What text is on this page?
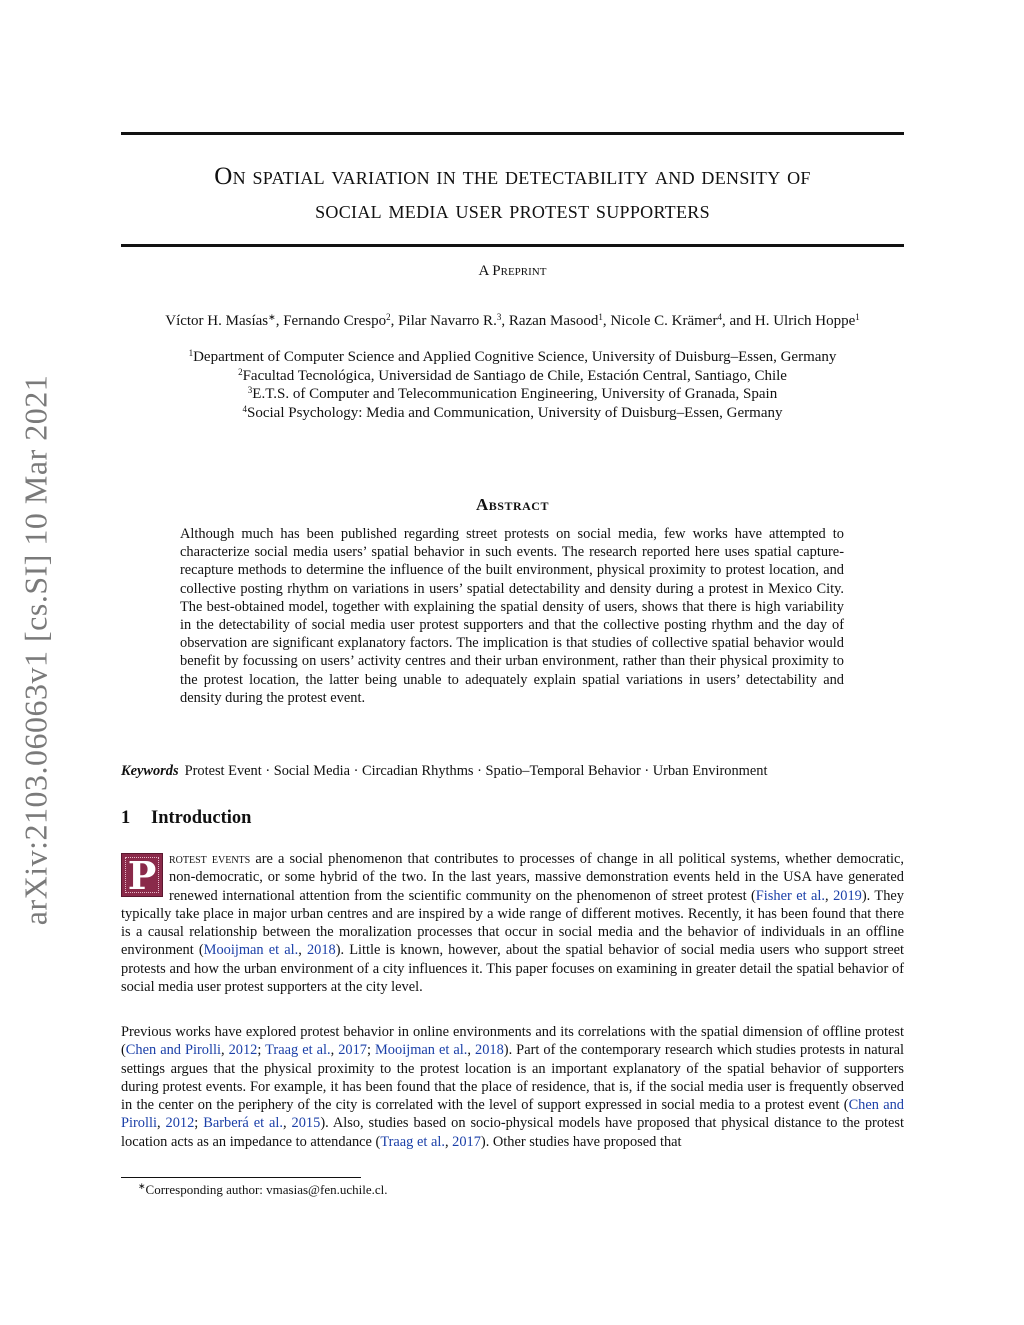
arXiv:2103.06063v1 [cs.SI] 10 Mar 2021
On spatial variation in the detectability and density of
social media user protest supporters
A Preprint
Víctor H. Masías∗, Fernando Crespo$^2$, Pilar Navarro R.$^3$, Razan Masood$^1$, Nicole C. Krämer$^4$, and H. Ulrich Hoppe$^1$
$^1$Department of Computer Science and Applied Cognitive Science, University of Duisburg–Essen, Germany
$^2$Facultad Tecnológica, Universidad de Santiago de Chile, Estación Central, Santiago, Chile
$^3$E.T.S. of Computer and Telecommunication Engineering, University of Granada, Spain
$^4$Social Psychology: Media and Communication, University of Duisburg–Essen, Germany
Abstract
Although much has been published regarding street protests on social media, few works have attempted to characterize social media users’ spatial behavior in such events. The research reported here uses spatial capture-recapture methods to determine the influence of the built environment, physical proximity to protest location, and collective posting rhythm on variations in users’ spatial detectability and density during a protest in Mexico City. The best-obtained model, together with explaining the spatial density of users, shows that there is high variability in the detectability of social media user protest supporters and that the collective posting rhythm and the day of observation are significant explanatory factors. The implication is that studies of collective spatial behavior would benefit by focussing on users’ activity centres and their urban environment, rather than their physical proximity to the protest location, the latter being unable to adequately explain spatial variations in users’ detectability and density during the protest event.
Keywords Protest Event · Social Media · Circadian Rhythms · Spatio–Temporal Behavior · Urban Environment
1 Introduction
P rotest events are a social phenomenon that contributes to processes of change in all political systems, whether democratic, non-democratic, or some hybrid of the two. In the last years, massive demonstration events held in the USA have generated renewed international attention from the scientific community on the phenomenon of street protest (Fisher et al., 2019). They typically take place in major urban centres and are inspired by a wide range of different motives. Recently, it has been found that there is a causal relationship between the moralization processes that occur in social media and the behavior of individuals in an offline environment (Mooijman et al., 2018). Little is known, however, about the spatial behavior of social media users who support street protests and how the urban environment of a city influences it. This paper focuses on examining in greater detail the spatial behavior of social media user protest supporters at the city level.
Previous works have explored protest behavior in online environments and its correlations with the spatial dimension of offline protest (Chen and Pirolli, 2012; Traag et al., 2017; Mooijman et al., 2018). Part of the contemporary research which studies protests in natural settings argues that the physical proximity to the protest location is an important explanatory of the spatial behavior of supporters during protest events. For example, it has been found that the place of residence, that is, if the social media user is frequently observed in the center on the periphery of the city is correlated with the level of support expressed in social media to a protest event (Chen and Pirolli, 2012; Barberá et al., 2015). Also, studies based on socio-physical models have proposed that physical distance to the protest location acts as an impedance to attendance (Traag et al., 2017). Other studies have proposed that
∗Corresponding author: vmasias@fen.uchile.cl.
